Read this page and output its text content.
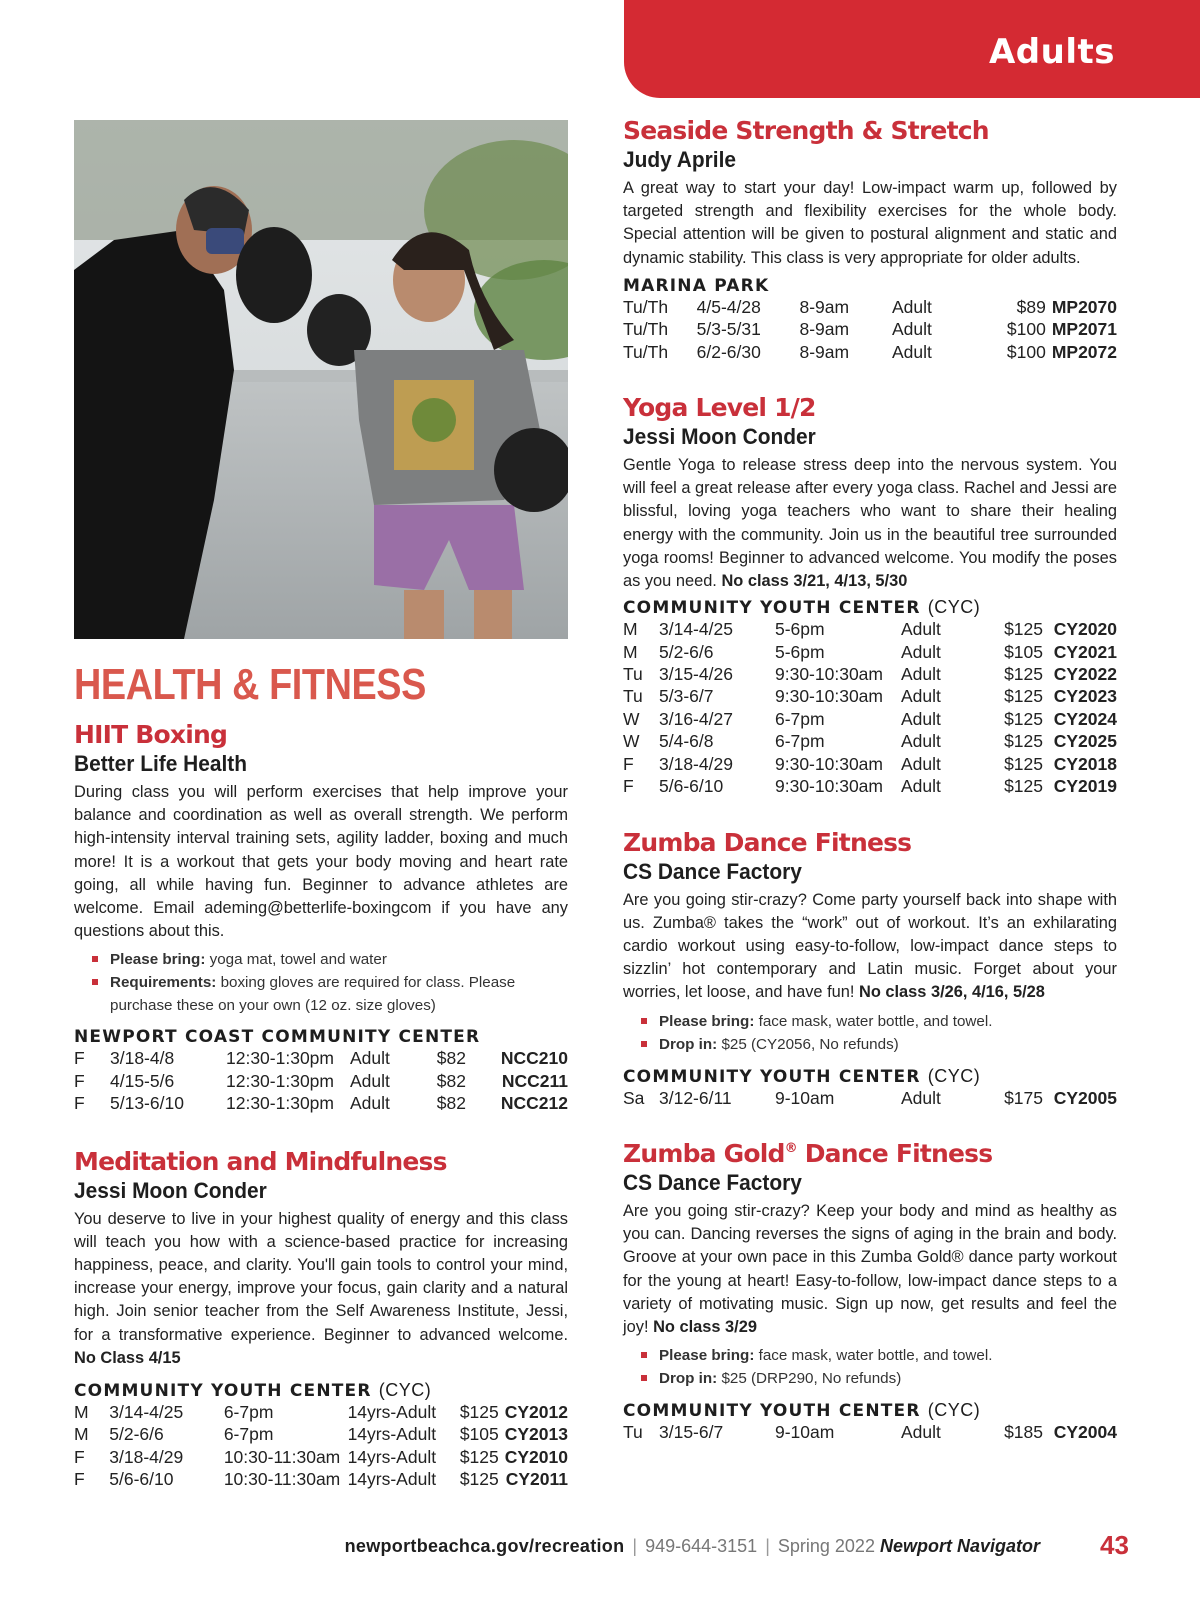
Adults
HEALTH & FITNESS
HIIT Boxing
Better Life Health

During class you will perform exercises that help improve your balance and coordination as well as overall strength. We perform high-intensity interval training sets, agility ladder, boxing and much more! It is a workout that gets your body moving and heart rate going, all while having fun. Beginner to advance athletes are welcome. Email ademing@betterlife-boxingcom if you have any questions about this.

Please bring: yoga mat, towel and water
Requirements: boxing gloves are required for class. Please purchase these on your own (12 oz. size gloves)
NEWPORT COAST COMMUNITY CENTER
F	3/18-4/8	12:30-1:30pm	Adult	$82	NCC210
F	4/15-5/6	12:30-1:30pm	Adult	$82	NCC211
F	5/13-6/10	12:30-1:30pm	Adult	$82	NCC212
Meditation and Mindfulness
Jessi Moon Conder

You deserve to live in your highest quality of energy and this class will teach you how with a science-based practice for increasing happiness, peace, and clarity. You'll gain tools to control your mind, increase your energy, improve your focus, gain clarity and a natural high. Join senior teacher from the Self Awareness Institute, Jessi, for a transformative experience. Beginner to advanced welcome. No Class 4/15

COMMUNITY YOUTH CENTER (CYC)
M	3/14-4/25	6-7pm	14yrs-Adult	$125	CY2012
M	5/2-6/6	6-7pm	14yrs-Adult	$105	CY2013
F	3/18-4/29	10:30-11:30am	14yrs-Adult	$125	CY2010
F	5/6-6/10	10:30-11:30am	14yrs-Adult	$125	CY2011
Seaside Strength & Stretch
Judy Aprile

A great way to start your day! Low-impact warm up, followed by targeted strength and flexibility exercises for the whole body. Special attention will be given to postural alignment and static and dynamic stability. This class is very appropriate for older adults.

MARINA PARK
Tu/Th	4/5-4/28	8-9am	Adult	$89	MP2070
Tu/Th	5/3-5/31	8-9am	Adult	$100	MP2071
Tu/Th	6/2-6/30	8-9am	Adult	$100	MP2072
Yoga Level 1/2
Jessi Moon Conder

Gentle Yoga to release stress deep into the nervous system. You will feel a great release after every yoga class. Rachel and Jessi are blissful, loving yoga teachers who want to share their healing energy with the community. Join us in the beautiful tree surrounded yoga rooms! Beginner to advanced welcome. You modify the poses as you need. No class 3/21, 4/13, 5/30

COMMUNITY YOUTH CENTER (CYC)
M	3/14-4/25	5-6pm	Adult	$125	CY2020
M	5/2-6/6	5-6pm	Adult	$105	CY2021
Tu	3/15-4/26	9:30-10:30am	Adult	$125	CY2022
Tu	5/3-6/7	9:30-10:30am	Adult	$125	CY2023
W	3/16-4/27	6-7pm	Adult	$125	CY2024
W	5/4-6/8	6-7pm	Adult	$125	CY2025
F	3/18-4/29	9:30-10:30am	Adult	$125	CY2018
F	5/6-6/10	9:30-10:30am	Adult	$125	CY2019
Zumba Dance Fitness
CS Dance Factory

Are you going stir-crazy? Come party yourself back into shape with us. Zumba® takes the “work” out of workout. It’s an exhilarating cardio workout using easy-to-follow, low-impact dance steps to sizzlin’ hot contemporary and Latin music. Forget about your worries, let loose, and have fun! No class 3/26, 4/16, 5/28

Please bring: face mask, water bottle, and towel.
Drop in: $25 (CY2056, No refunds)
COMMUNITY YOUTH CENTER (CYC)
Sa	3/12-6/11	9-10am	Adult	$175	CY2005
Zumba Gold® Dance Fitness
CS Dance Factory

Are you going stir-crazy? Keep your body and mind as healthy as you can. Dancing reverses the signs of aging in the brain and body. Groove at your own pace in this Zumba Gold® dance party workout for the young at heart! Easy-to-follow, low-impact dance steps to a variety of motivating music. Sign up now, get results and feel the joy! No class 3/29

Please bring: face mask, water bottle, and towel.
Drop in: $25 (DRP290, No refunds)
COMMUNITY YOUTH CENTER (CYC)
Tu	3/15-6/7	9-10am	Adult	$185	CY2004
newportbeachca.gov/recreation | 949-644-3151 | Spring 2022 Newport Navigator 43
